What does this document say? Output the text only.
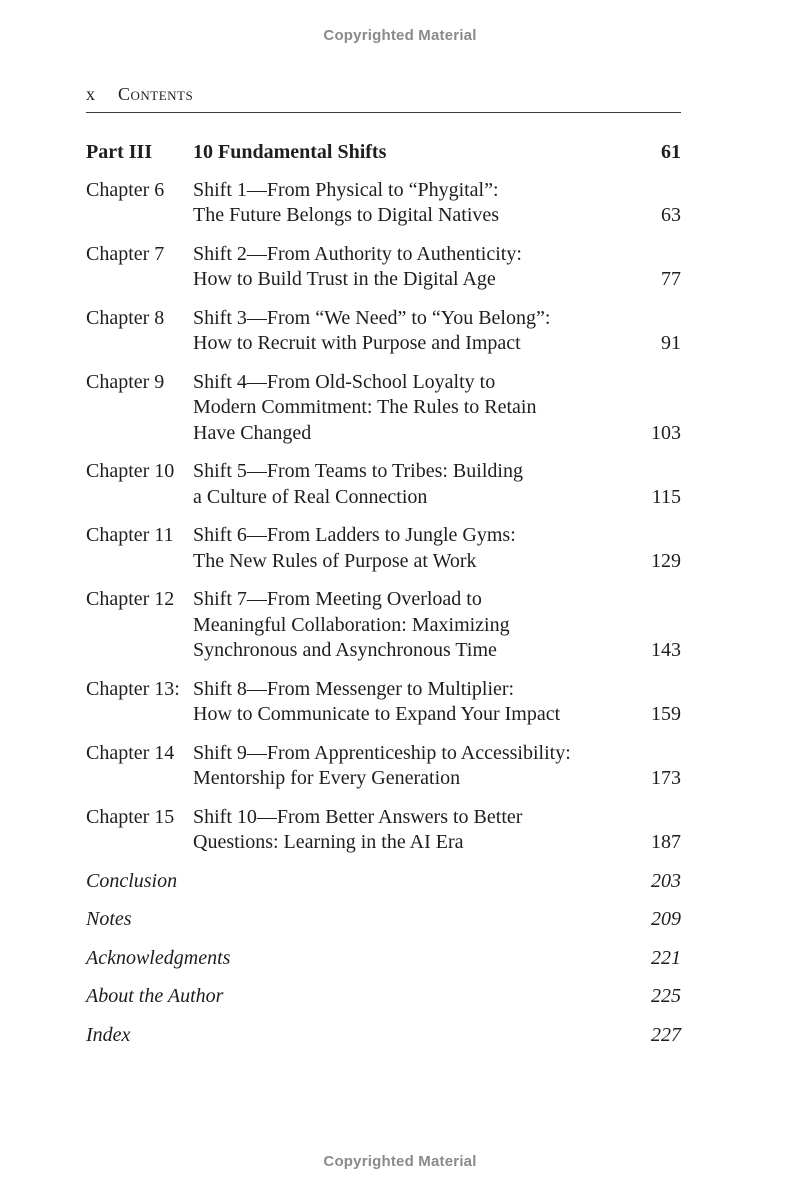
Copyrighted Material
x Contents
Part III	10 Fundamental Shifts	61
Chapter 6	Shift 1—From Physical to “Phygital”:
The Future Belongs to Digital Natives	63
Chapter 7	Shift 2—From Authority to Authenticity:
How to Build Trust in the Digital Age	77
Chapter 8	Shift 3—From “We Need” to “You Belong”:
How to Recruit with Purpose and Impact	91
Chapter 9	Shift 4—From Old-School Loyalty to
Modern Commitment: The Rules to Retain
Have Changed	103
Chapter 10 Shift 5—From Teams to Tribes: Building
a Culture of Real Connection	115
Chapter 11 Shift 6—From Ladders to Jungle Gyms:
The New Rules of Purpose at Work	129
Chapter 12 Shift 7—From Meeting Overload to
Meaningful Collaboration: Maximizing
Synchronous and Asynchronous Time	143
Chapter 13: Shift 8—From Messenger to Multiplier:
How to Communicate to Expand Your Impact	159
Chapter 14 Shift 9—From Apprenticeship to Accessibility:
Mentorship for Every Generation	173
Chapter 15 Shift 10—From Better Answers to Better
Questions: Learning in the AI Era	187
Conclusion	203
Notes	209
Acknowledgments	221
About the Author	225
Index	227
Copyrighted Material
